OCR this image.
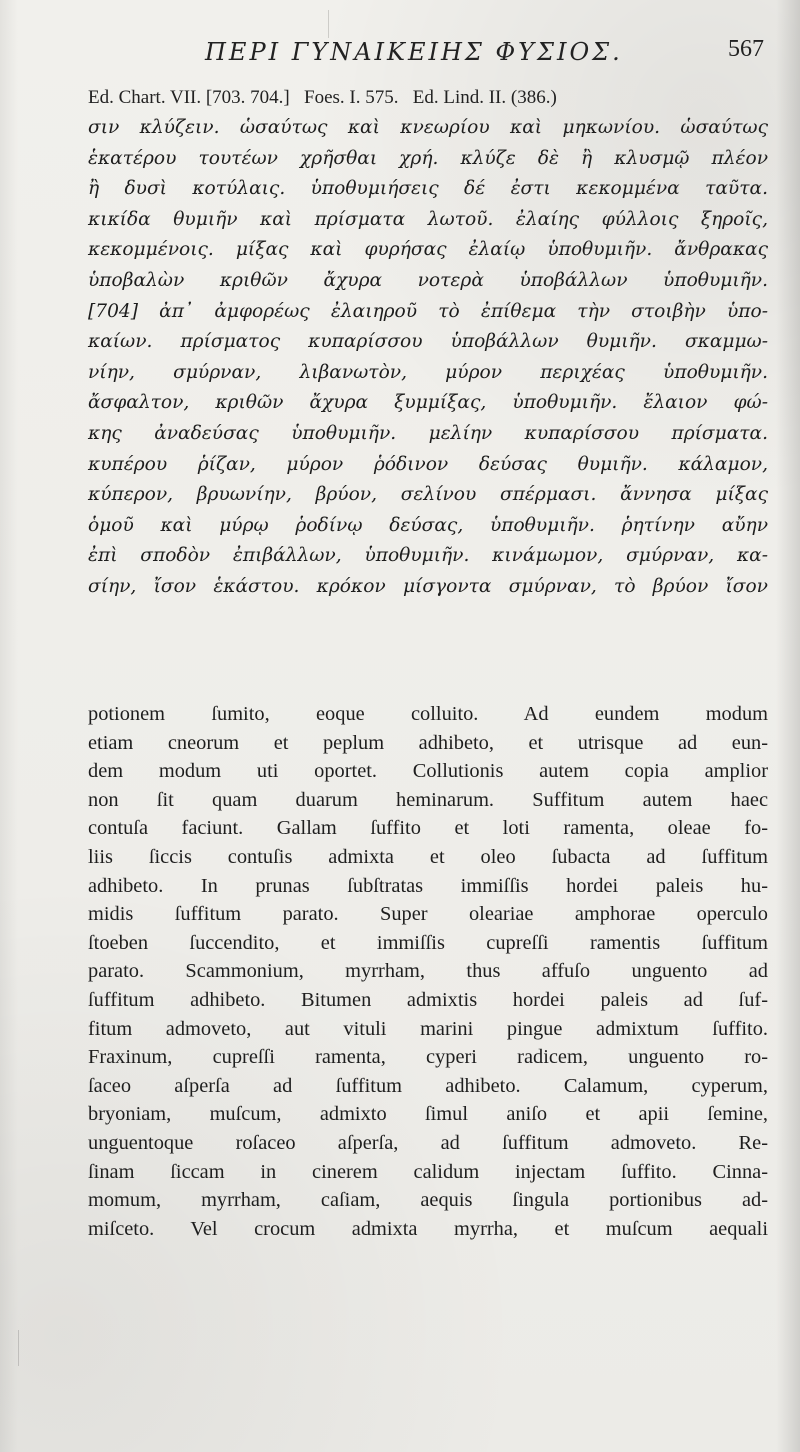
ΠΕΡΙ ΓΥΝΑΙΚΕΙΗΣ ΦΥΣΙΟΣ.	567
Ed. Chart. VII. [703. 704.]   Foes. I. 575.   Ed. Lind. II. (386.)
σιν κλύζειν. ὡσαύτως καὶ κνεωρίου καὶ μηκωνίου. ὡσαύτως
ἑκατέρου τουτέων χρῆσθαι χρή. κλύζε δὲ ἢ κλυσμῷ πλέον
ἢ δυσὶ κοτύλαις. ὑποθυμιήσεις δέ ἐστι κεκομμένα ταῦτα.
κικίδα θυμιῆν καὶ πρίσματα λωτοῦ. ἐλαίης φύλλοις ξηροῖς,
κεκομμένοις. μίξας καὶ φυρήσας ἐλαίῳ ὑποθυμιῆν. ἄνθρακας
ὑποβαλὼν κριθῶν ἄχυρα νοτερὰ ὑποβάλλων ὑποθυμιῆν.
[704] ἀπ᾿ ἀμφορέως ἐλαιηροῦ τὸ ἐπίθεμα τὴν στοιβὴν ὑπο-
καίων. πρίσματος κυπαρίσσου ὑποβάλλων θυμιῆν. σκαμμω-
νίην, σμύρναν, λιβανωτὸν, μύρον περιχέας ὑποθυμιῆν.
ἄσφαλτον, κριθῶν ἄχυρα ξυμμίξας, ὑποθυμιῆν. ἔλαιον φώ-
κης ἀναδεύσας ὑποθυμιῆν. μελίην κυπαρίσσου πρίσματα.
κυπέρου ῥίζαν, μύρον ῥόδινον δεύσας θυμιῆν. κάλαμον,
κύπερον, βρυωνίην, βρύον, σελίνου σπέρμασι. ἄννησα μίξας
ὁμοῦ καὶ μύρῳ ῥοδίνῳ δεύσας, ὑποθυμιῆν. ῥητίνην αὔην
ἐπὶ σποδὸν ἐπιβάλλων, ὑποθυμιῆν. κινάμωμον, σμύρναν, κα-
σίην, ἴσον ἑκάστου. κρόκον μίσγοντα σμύρναν, τὸ βρύον ἴσον
potionem ſumito, eoque colluito. Ad eundem modum
etiam cneorum et peplum adhibeto, et utrisque ad eun-
dem modum uti oportet. Collutionis autem copia amplior
non ſit quam duarum heminarum. Suffitum autem haec
contuſa faciunt. Gallam ſuffito et loti ramenta, oleae fo-
liis ſiccis contuſis admixta et oleo ſubacta ad ſuffitum
adhibeto. In prunas ſubſtratas immiſſis hordei paleis hu-
midis ſuffitum parato. Super oleariae amphorae operculo
ſtoeben ſuccendito, et immiſſis cupreſſi ramentis ſuffitum
parato. Scammonium, myrrham, thus affuſo unguento ad
ſuffitum adhibeto. Bitumen admixtis hordei paleis ad ſuf-
fitum admoveto, aut vituli marini pingue admixtum ſuffito.
Fraxinum, cupreſſi ramenta, cyperi radicem, unguento ro-
ſaceo aſperſa ad ſuffitum adhibeto. Calamum, cyperum,
bryoniam, muſcum, admixto ſimul aniſo et apii ſemine,
unguentoque roſaceo aſperſa, ad ſuffitum admoveto. Re-
ſinam ſiccam in cinerem calidum injectam ſuffito. Cinna-
momum, myrrham, caſiam, aequis ſingula portionibus ad-
miſceto. Vel crocum admixta myrrha, et muſcum aequali
